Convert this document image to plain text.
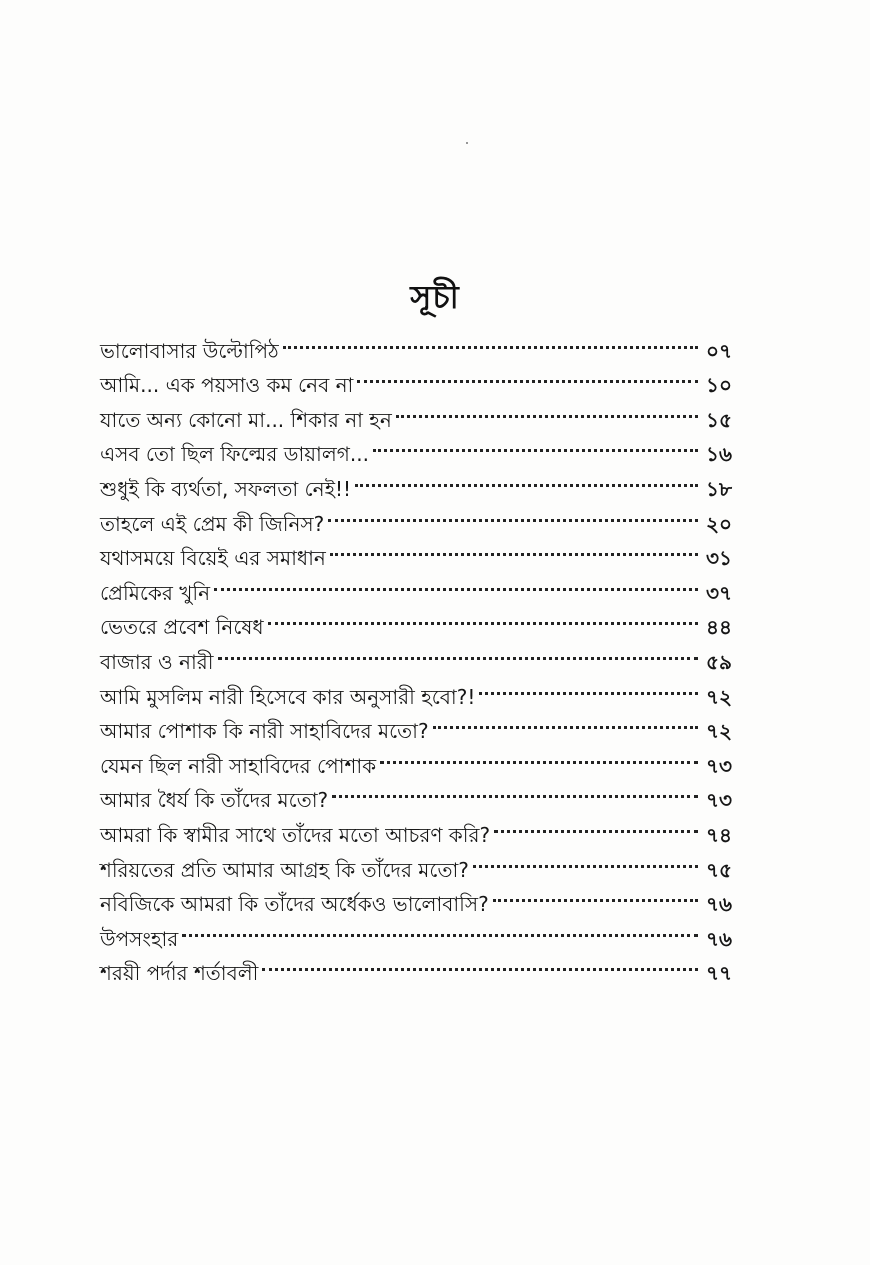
সূচী
ভালোবাসার উল্টোপিঠ	০৭
আমি... এক পয়সাও কম নেব না	১০
যাতে অন্য কোনো মা... শিকার না হন	১৫
এসব তো ছিল ফিল্মের ডায়ালগ...	১৬
শুধুই কি ব্যর্থতা, সফলতা নেই!!	১৮
তাহলে এই প্রেম কী জিনিস?	২০
যথাসময়ে বিয়েই এর সমাধান	৩১
প্রেমিকের খুনি	৩৭
ভেতরে প্রবেশ নিষেধ	৪৪
বাজার ও নারী	৫৯
আমি মুসলিম নারী হিসেবে কার অনুসারী হবো?!	৭২
আমার পোশাক কি নারী সাহাবিদের মতো?	৭২
যেমন ছিল নারী সাহাবিদের পোশাক	৭৩
আমার ধৈর্য কি তাঁদের মতো?	৭৩
আমরা কি স্বামীর সাথে তাঁদের মতো আচরণ করি?	৭৪
শরিয়তের প্রতি আমার আগ্রহ কি তাঁদের মতো?	৭৫
নবিজিকে আমরা কি তাঁদের অর্ধেকও ভালোবাসি?	৭৬
উপসংহার	৭৬
শরয়ী পর্দার শর্তাবলী	৭৭
